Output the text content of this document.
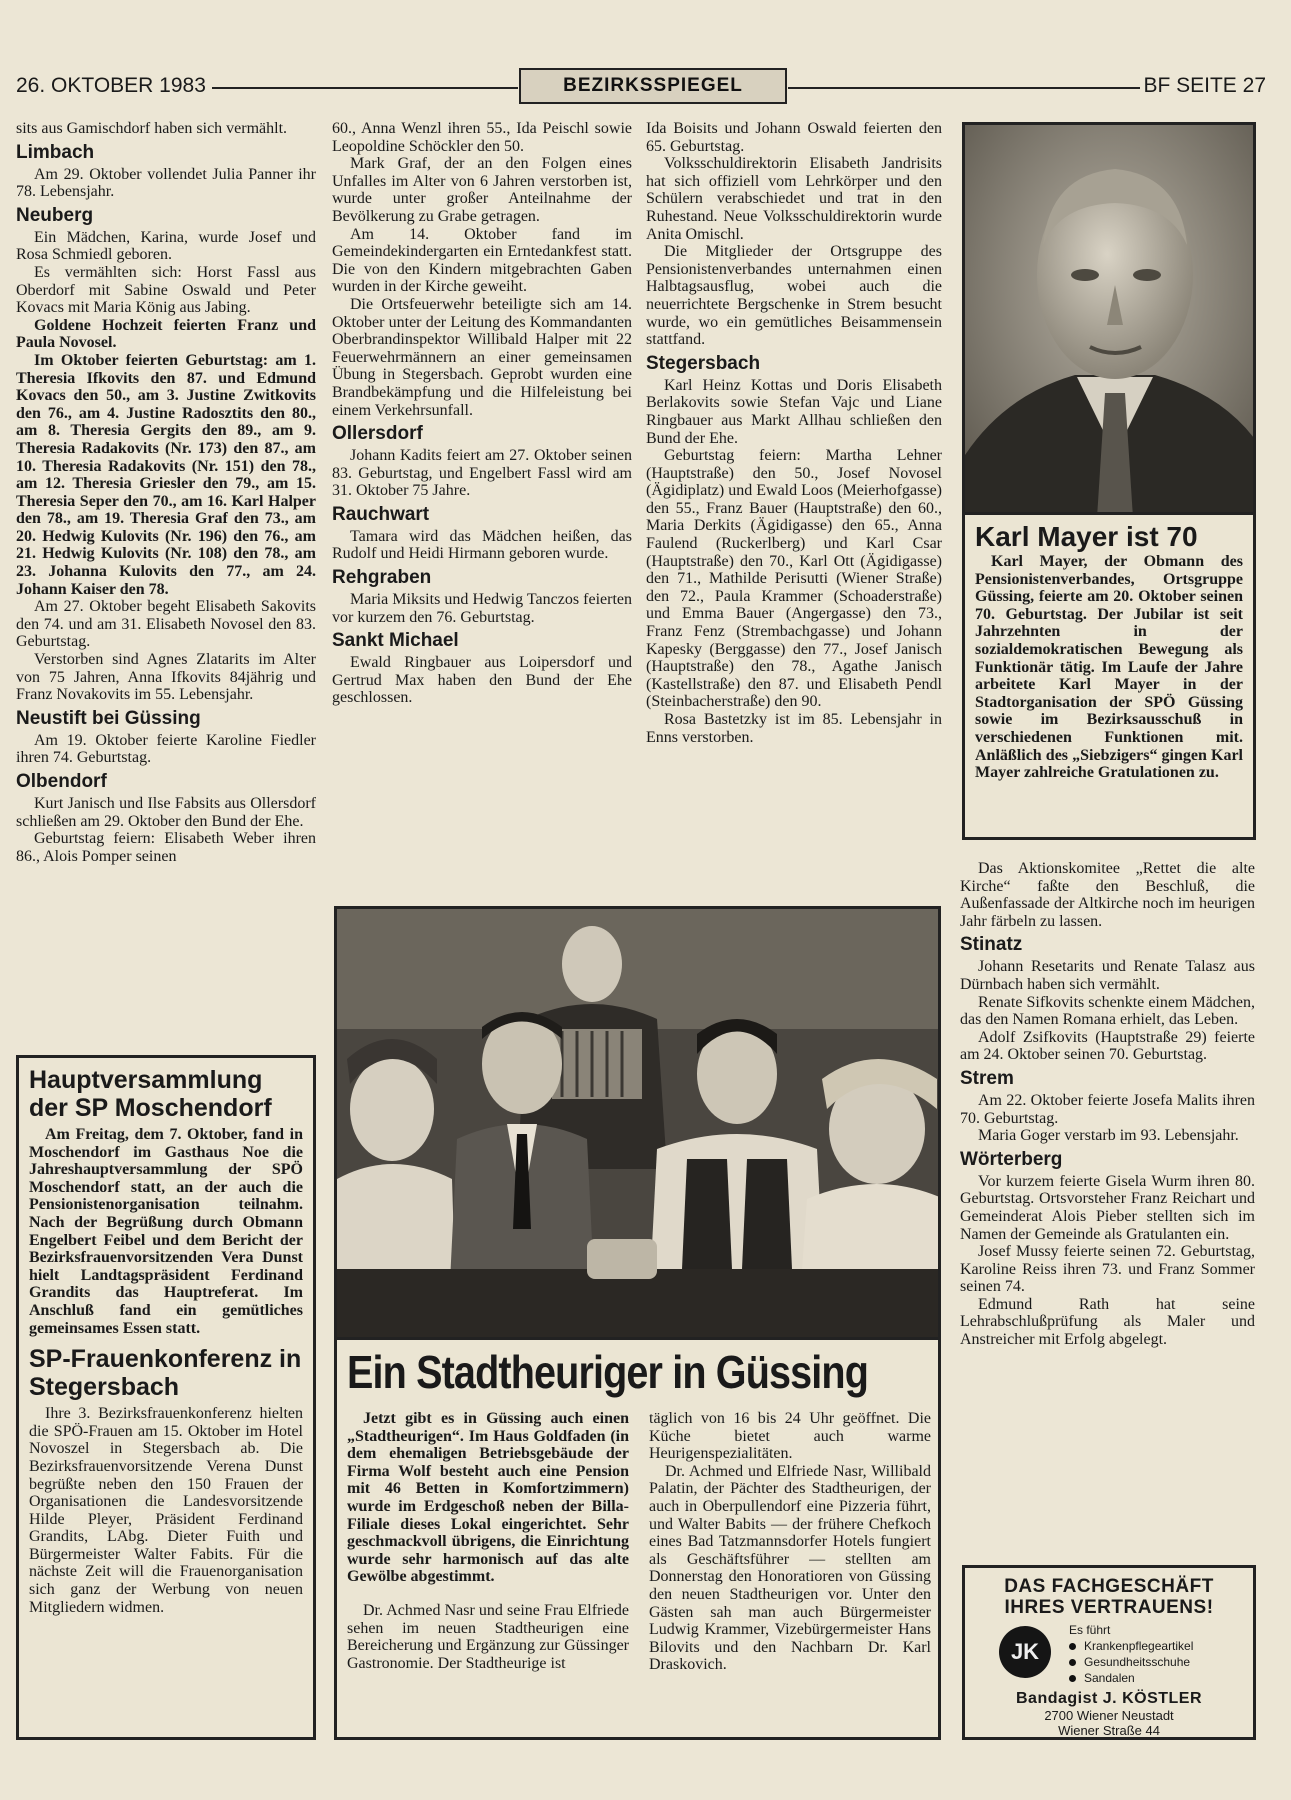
26. OKTOBER 1983	BEZIRKSSPIEGEL	BF SEITE 27

sits aus Gamischdorf haben sich vermählt.

Limbach

Am 29. Oktober vollendet Julia Panner ihr 78. Lebensjahr.

Neuberg

Ein Mädchen, Karina, wurde Josef und Rosa Schmiedl geboren.

Es vermählten sich: Horst Fassl aus Oberdorf mit Sabine Oswald und Peter Kovacs mit Maria König aus Jabing.

Goldene Hochzeit feierten Franz und Paula Novosel.

Im Oktober feierten Geburtstag: am 1. Theresia Ifkovits den 87. und Edmund Kovacs den 50., am 3. Justine Zwitkovits den 76., am 4. Justine Radosztits den 80., am 8. Theresia Gergits den 89., am 9. Theresia Radakovits (Nr. 173) den 87., am 10. Theresia Radakovits (Nr. 151) den 78., am 12. Theresia Griesler den 79., am 15. Theresia Seper den 70., am 16. Karl Halper den 78., am 19. Theresia Graf den 73., am 20. Hedwig Kulovits (Nr. 196) den 76., am 21. Hedwig Kulovits (Nr. 108) den 78., am 23. Johanna Kulovits den 77., am 24. Johann Kaiser den 78.

Am 27. Oktober begeht Elisabeth Sakovits den 74. und am 31. Elisabeth Novosel den 83. Geburtstag.

Verstorben sind Agnes Zlatarits im Alter von 75 Jahren, Anna Ifkovits 84jährig und Franz Novakovits im 55. Lebensjahr.

Neustift bei Güssing

Am 19. Oktober feierte Karoline Fiedler ihren 74. Geburtstag.

Olbendorf

Kurt Janisch und Ilse Fabsits aus Ollersdorf schließen am 29. Oktober den Bund der Ehe.

Geburtstag feiern: Elisabeth Weber ihren 86., Alois Pomper seinen

Hauptversammlung der SP Moschendorf

Am Freitag, dem 7. Oktober, fand in Moschendorf im Gasthaus Noe die Jahreshauptversammlung der SPÖ Moschendorf statt, an der auch die Pensionistenorganisation teilnahm. Nach der Begrüßung durch Obmann Engelbert Feibel und dem Bericht der Bezirksfrauenvorsitzenden Vera Dunst hielt Landtagspräsident Ferdinand Grandits das Hauptreferat. Im Anschluß fand ein gemütliches gemeinsames Essen statt.

SP-Frauenkonferenz in Stegersbach

Ihre 3. Bezirksfrauenkonferenz hielten die SPÖ-Frauen am 15. Oktober im Hotel Novoszel in Stegersbach ab. Die Bezirksfrauenvorsitzende Verena Dunst begrüßte neben den 150 Frauen der Organisationen die Landesvorsitzende Hilde Pleyer, Präsident Ferdinand Grandits, LAbg. Dieter Fuith und Bürgermeister Walter Fabits. Für die nächste Zeit will die Frauenorganisation sich ganz der Werbung von neuen Mitgliedern widmen.

60., Anna Wenzl ihren 55., Ida Peischl sowie Leopoldine Schöckler den 50.

Mark Graf, der an den Folgen eines Unfalles im Alter von 6 Jahren verstorben ist, wurde unter großer Anteilnahme der Bevölkerung zu Grabe getragen.

Am 14. Oktober fand im Gemeindekindergarten ein Erntedankfest statt. Die von den Kindern mitgebrachten Gaben wurden in der Kirche geweiht.

Die Ortsfeuerwehr beteiligte sich am 14. Oktober unter der Leitung des Kommandanten Oberbrandinspektor Willibald Halper mit 22 Feuerwehrmännern an einer gemeinsamen Übung in Stegersbach. Geprobt wurden eine Brandbekämpfung und die Hilfeleistung bei einem Verkehrsunfall.

Ollersdorf

Johann Kadits feiert am 27. Oktober seinen 83. Geburtstag, und Engelbert Fassl wird am 31. Oktober 75 Jahre.

Rauchwart

Tamara wird das Mädchen heißen, das Rudolf und Heidi Hirmann geboren wurde.

Rehgraben

Maria Miksits und Hedwig Tanczos feierten vor kurzem den 76. Geburtstag.

Sankt Michael

Ewald Ringbauer aus Loipersdorf und Gertrud Max haben den Bund der Ehe geschlossen.

Ida Boisits und Johann Oswald feierten den 65. Geburtstag.

Volksschuldirektorin Elisabeth Jandrisits hat sich offiziell vom Lehrkörper und den Schülern verabschiedet und trat in den Ruhestand. Neue Volksschuldirektorin wurde Anita Omischl.

Die Mitglieder der Ortsgruppe des Pensionistenverbandes unternahmen einen Halbtagsausflug, wobei auch die neuerrichtete Bergschenke in Strem besucht wurde, wo ein gemütliches Beisammensein stattfand.

Stegersbach

Karl Heinz Kottas und Doris Elisabeth Berlakovits sowie Stefan Vajc und Liane Ringbauer aus Markt Allhau schließen den Bund der Ehe.

Geburtstag feiern: Martha Lehner (Hauptstraße) den 50., Josef Novosel (Ägidiplatz) und Ewald Loos (Meierhofgasse) den 55., Franz Bauer (Hauptstraße) den 60., Maria Derkits (Ägidigasse) den 65., Anna Faulend (Ruckerlberg) und Karl Csar (Hauptstraße) den 70., Karl Ott (Ägidigasse) den 71., Mathilde Perisutti (Wiener Straße) den 72., Paula Krammer (Schoaderstraße) und Emma Bauer (Angergasse) den 73., Franz Fenz (Strembachgasse) und Johann Kapesky (Berggasse) den 77., Josef Janisch (Hauptstraße) den 78., Agathe Janisch (Kastellstraße) den 87. und Elisabeth Pendl (Steinbacherstraße) den 90.

Rosa Bastetzky ist im 85. Lebensjahr in Enns verstorben.

Karl Mayer ist 70

Karl Mayer, der Obmann des Pensionistenverbandes, Ortsgruppe Güssing, feierte am 20. Oktober seinen 70. Geburtstag. Der Jubilar ist seit Jahrzehnten in der sozialdemokratischen Bewegung als Funktionär tätig. Im Laufe der Jahre arbeitete Karl Mayer in der Stadtorganisation der SPÖ Güssing sowie im Bezirksausschuß in verschiedenen Funktionen mit. Anläßlich des „Siebzigers“ gingen Karl Mayer zahlreiche Gratulationen zu.

Das Aktionskomitee „Rettet die alte Kirche“ faßte den Beschluß, die Außenfassade der Altkirche noch im heurigen Jahr färbeln zu lassen.

Stinatz

Johann Resetarits und Renate Talasz aus Dürnbach haben sich vermählt.

Renate Sifkovits schenkte einem Mädchen, das den Namen Romana erhielt, das Leben.

Adolf Zsifkovits (Hauptstraße 29) feierte am 24. Oktober seinen 70. Geburtstag.

Strem

Am 22. Oktober feierte Josefa Malits ihren 70. Geburtstag.

Maria Goger verstarb im 93. Lebensjahr.

Wörterberg

Vor kurzem feierte Gisela Wurm ihren 80. Geburtstag. Ortsvorsteher Franz Reichart und Gemeinderat Alois Pieber stellten sich im Namen der Gemeinde als Gratulanten ein.

Josef Mussy feierte seinen 72. Geburtstag, Karoline Reiss ihren 73. und Franz Sommer seinen 74.

Edmund Rath hat seine Lehrabschlußprüfung als Maler und Anstreicher mit Erfolg abgelegt.

Ein Stadtheuriger in Güssing

Jetzt gibt es in Güssing auch einen „Stadtheurigen“. Im Haus Goldfaden (in dem ehemaligen Betriebsgebäude der Firma Wolf besteht auch eine Pension mit 46 Betten in Komfortzimmern) wurde im Erdgeschoß neben der Billa-Filiale dieses Lokal eingerichtet. Sehr geschmackvoll übrigens, die Einrichtung wurde sehr harmonisch auf das alte Gewölbe abgestimmt.

Dr. Achmed Nasr und seine Frau Elfriede sehen im neuen Stadtheurigen eine Bereicherung und Ergänzung zur Güssinger Gastronomie. Der Stadtheurige ist

täglich von 16 bis 24 Uhr geöffnet. Die Küche bietet auch warme Heurigenspezialitäten.

Dr. Achmed und Elfriede Nasr, Willibald Palatin, der Pächter des Stadtheurigen, der auch in Oberpullendorf eine Pizzeria führt, und Walter Babits — der frühere Chefkoch eines Bad Tatzmannsdorfer Hotels fungiert als Geschäftsführer — stellten am Donnerstag den Honoratioren von Güssing den neuen Stadtheurigen vor. Unter den Gästen sah man auch Bürgermeister Ludwig Krammer, Vizebürgermeister Hans Bilovits und den Nachbarn Dr. Karl Draskovich.

DAS FACHGESCHÄFT IHRES VERTRAUENS!
JK
Es führt
Krankenpflegeartikel
Gesundheitsschuhe
Sandalen
Bandagist J. KÖSTLER
2700 Wiener Neustadt
Wiener Straße 44
